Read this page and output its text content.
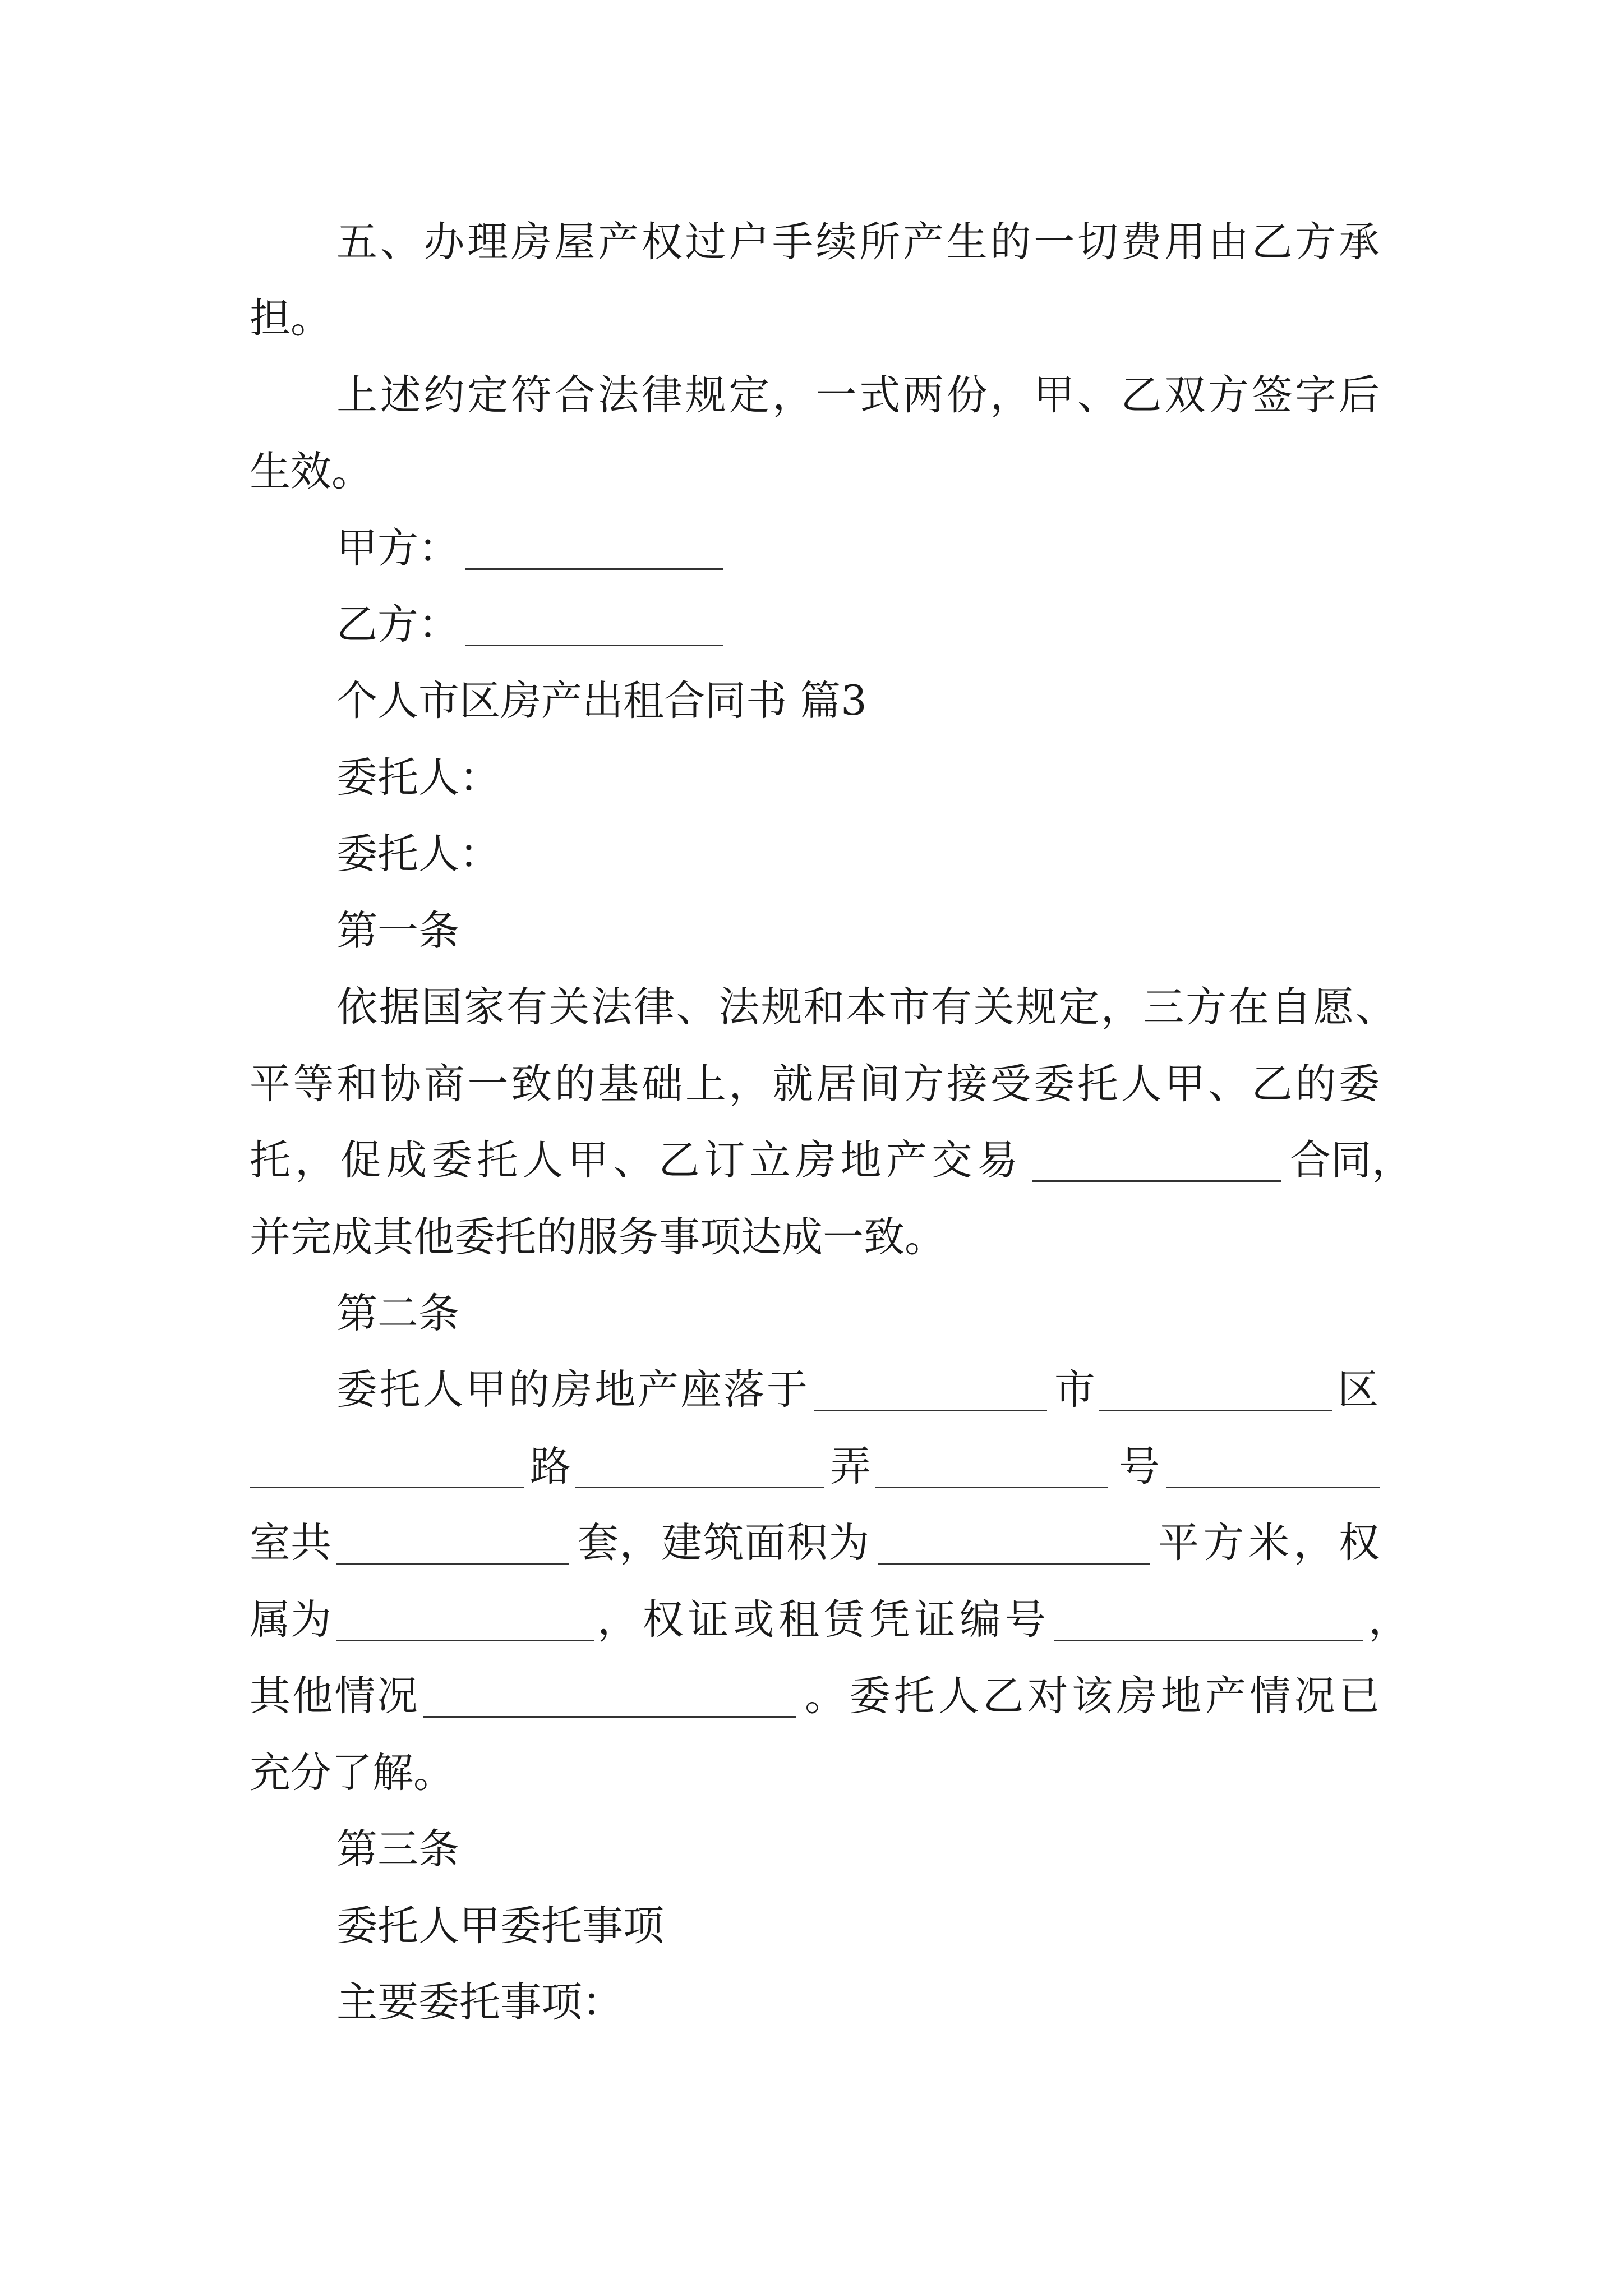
五、办理房屋产权过户手续所产生的一切费用由乙方承
担。
上述约定符合法律规定，一式两份，甲、乙双方签字后
生效。
甲方：
乙方：
个人市区房产出租合同书 篇3
委托人：
委托人：
第一条
依据国家有关法律、法规和本市有关规定，三方在自愿、
平等和协商一致的基础上，就居间方接受委托人甲、乙的委
托，促成委托人甲、乙订立房地产交易	合同，
并完成其他委托的服务事项达成一致。
第二条
委托人甲的房地产座落于	市	区
路	弄	号
室共	套，建筑面积为	平方米，权
属为	，权证或租赁凭证编号	，
其他情况	。委托人乙对该房地产情况已
充分了解。
第三条
委托人甲委托事项
主要委托事项：
